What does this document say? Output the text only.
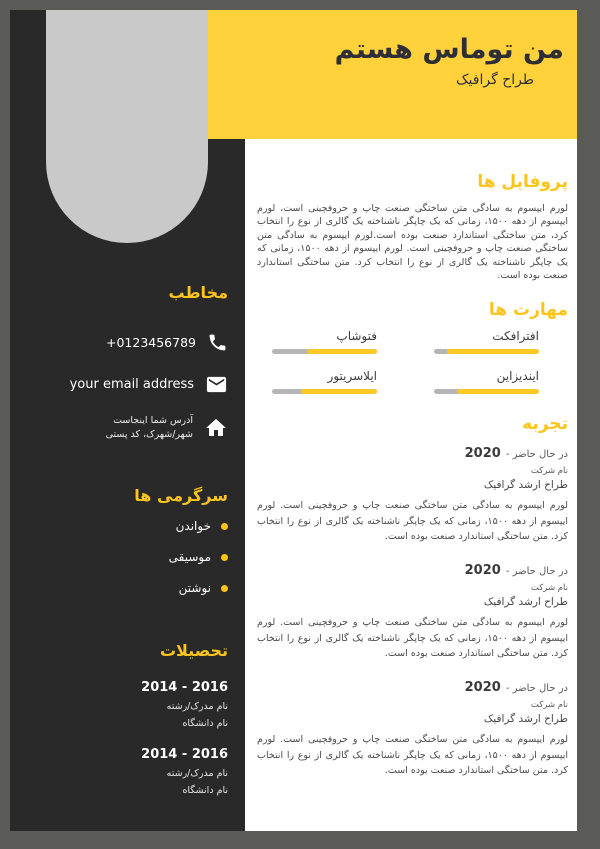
مخاطب
+0123456789
your email address
آدرس شما اینجاست
شهر/شهرک، کد پستی
سرگرمی ها
خواندن
موسیقی
نوشتن
تحصیلات
2016 - 2014
نام مدرک/رشته
نام دانشگاه
2016 - 2014
نام مدرک/رشته
نام دانشگاه
پروفایل ها

لورم ایپسوم به سادگی متن ساختگی صنعت چاپ و حروفچینی است، لورم ایپسوم از دهه ۱۵۰۰، زمانی که یک چاپگر ناشناخته یک گالری از نوع را انتخاب کرد، متن ساختگی استاندارد صنعت بوده است.لورم ایپسوم به سادگی متن ساختگی صنعت چاپ و حروفچینی است. لورم ایپسوم از دهه ۱۵۰۰، زمانی که یک چاپگر ناشناخته یک گالری از نوع را انتخاب کرد. متن ساختگی استاندارد صنعت بوده است.

مهارت ها
افترافکت
فتوشاپ
ایندیزاین
ایلاسریتور
تجربه
در حال حاضر -
2020
نام شرکت
طراح ارشد گرافیک

لورم ایپسوم به سادگی متن ساختگی صنعت چاپ و حروفچینی است. لورم ایپسوم از دهه ۱۵۰۰، زمانی که یک چاپگر ناشناخته یک گالری از نوع را انتخاب کرد. متن ساختگی استاندارد صنعت بوده است.

در حال حاضر -
2020
نام شرکت
طراح ارشد گرافیک

لورم ایپسوم به سادگی متن ساختگی صنعت چاپ و حروفچینی است. لورم ایپسوم از دهه ۱۵۰۰، زمانی که یک چاپگر ناشناخته یک گالری از نوع را انتخاب کرد. متن ساختگی استاندارد صنعت بوده است.

در حال حاضر -
2020
نام شرکت
طراح ارشد گرافیک

لورم ایپسوم به سادگی متن ساختگی صنعت چاپ و حروفچینی است. لورم ایپسوم از دهه ۱۵۰۰، زمانی که یک چاپگر ناشناخته یک گالری از نوع را انتخاب کرد. متن ساختگی استاندارد صنعت بوده است.

من توماس هستم
طراح گرافیک
